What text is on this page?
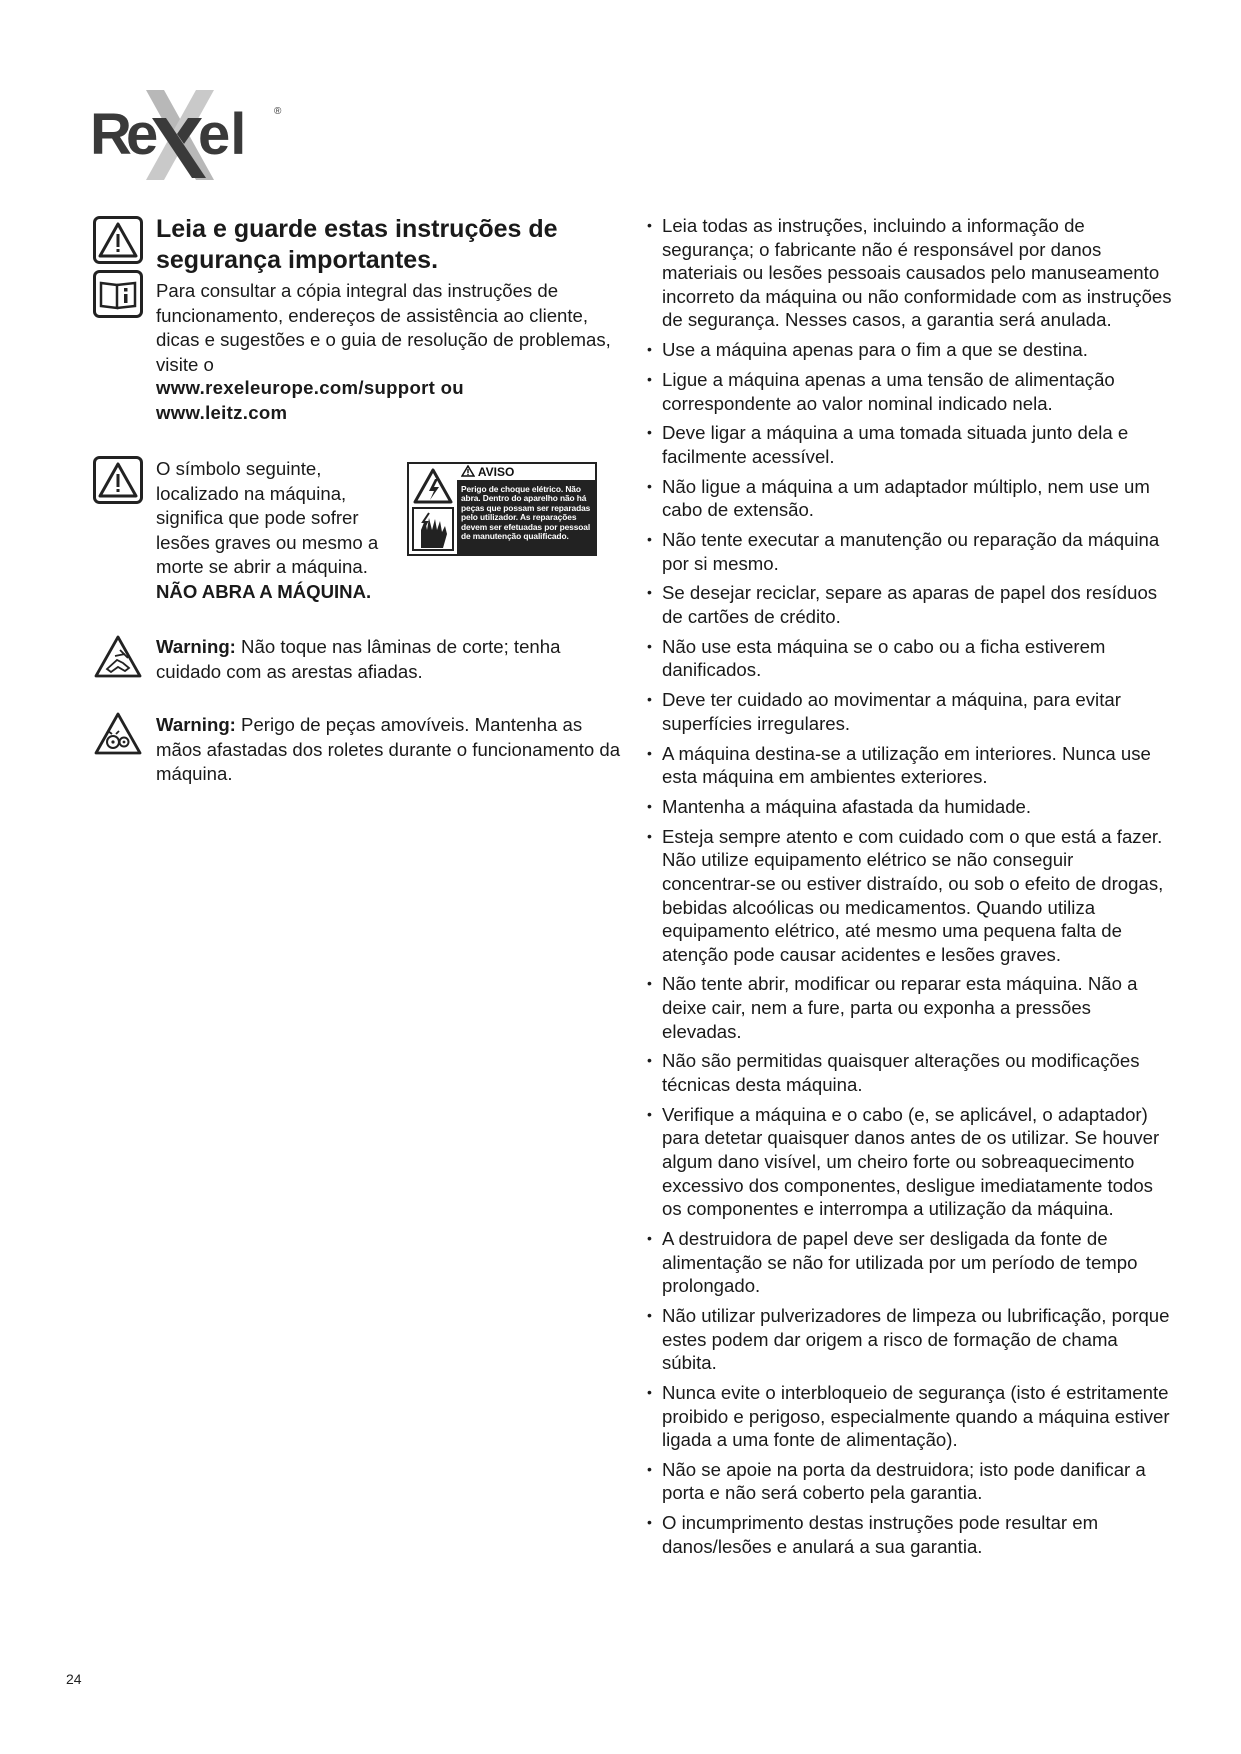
R
e el	®
Leia e guarde estas instruções de segurança importantes.
Para consultar a cópia integral das instruções de funcionamento, endereços de assistência ao cliente, dicas e sugestões e o guia de resolução de problemas, visite o
www.rexeleurope.com/support ou
www.leitz.com
O símbolo seguinte, localizado na máquina, significa que pode sofrer lesões graves ou mesmo a morte se abrir a máquina.
NÃO ABRA A MÁQUINA.
AVISO
Perigo de choque elétrico. Não abra. Dentro do aparelho não há peças que possam ser reparadas pelo utilizador. As reparações devem ser efetuadas por pessoal de manutenção qualificado.
Warning: Não toque nas lâminas de corte; tenha cuidado com as arestas afiadas.
Warning: Perigo de peças amovíveis. Mantenha as mãos afastadas dos roletes durante o funcionamento da máquina.
• Leia todas as instruções, incluindo a informação de segurança; o fabricante não é responsável por danos materiais ou lesões pessoais causados pelo manuseamento incorreto da máquina ou não conformidade com as instruções de segurança. Nesses casos, a garantia será anulada.
• Use a máquina apenas para o fim a que se destina.
• Ligue a máquina apenas a uma tensão de alimentação correspondente ao valor nominal indicado nela.
• Deve ligar a máquina a uma tomada situada junto dela e facilmente acessível.
• Não ligue a máquina a um adaptador múltiplo, nem use um cabo de extensão.
• Não tente executar a manutenção ou reparação da máquina por si mesmo.
• Se desejar reciclar, separe as aparas de papel dos resíduos de cartões de crédito.
• Não use esta máquina se o cabo ou a ficha estiverem danificados.
• Deve ter cuidado ao movimentar a máquina, para evitar superfícies irregulares.
• A máquina destina-se a utilização em interiores. Nunca use esta máquina em ambientes exteriores.
• Mantenha a máquina afastada da humidade.
• Esteja sempre atento e com cuidado com o que está a fazer. Não utilize equipamento elétrico se não conseguir concentrar-se ou estiver distraído, ou sob o efeito de drogas, bebidas alcoólicas ou medicamentos. Quando utiliza equipamento elétrico, até mesmo uma pequena falta de atenção pode causar acidentes e lesões graves.
• Não tente abrir, modificar ou reparar esta máquina. Não a deixe cair, nem a fure, parta ou exponha a pressões elevadas.
• Não são permitidas quaisquer alterações ou modificações técnicas desta máquina.
• Verifique a máquina e o cabo (e, se aplicável, o adaptador) para detetar quaisquer danos antes de os utilizar. Se houver algum dano visível, um cheiro forte ou sobreaquecimento excessivo dos componentes, desligue imediatamente todos os componentes e interrompa a utilização da máquina.
• A destruidora de papel deve ser desligada da fonte de alimentação se não for utilizada por um período de tempo prolongado.
• Não utilizar pulverizadores de limpeza ou lubrificação, porque estes podem dar origem a risco de formação de chama súbita.
• Nunca evite o interbloqueio de segurança (isto é estritamente proibido e perigoso, especialmente quando a máquina estiver ligada a uma fonte de alimentação).
• Não se apoie na porta da destruidora; isto pode danificar a porta e não será coberto pela garantia.
• O incumprimento destas instruções pode resultar em danos/lesões e anulará a sua garantia.
24
